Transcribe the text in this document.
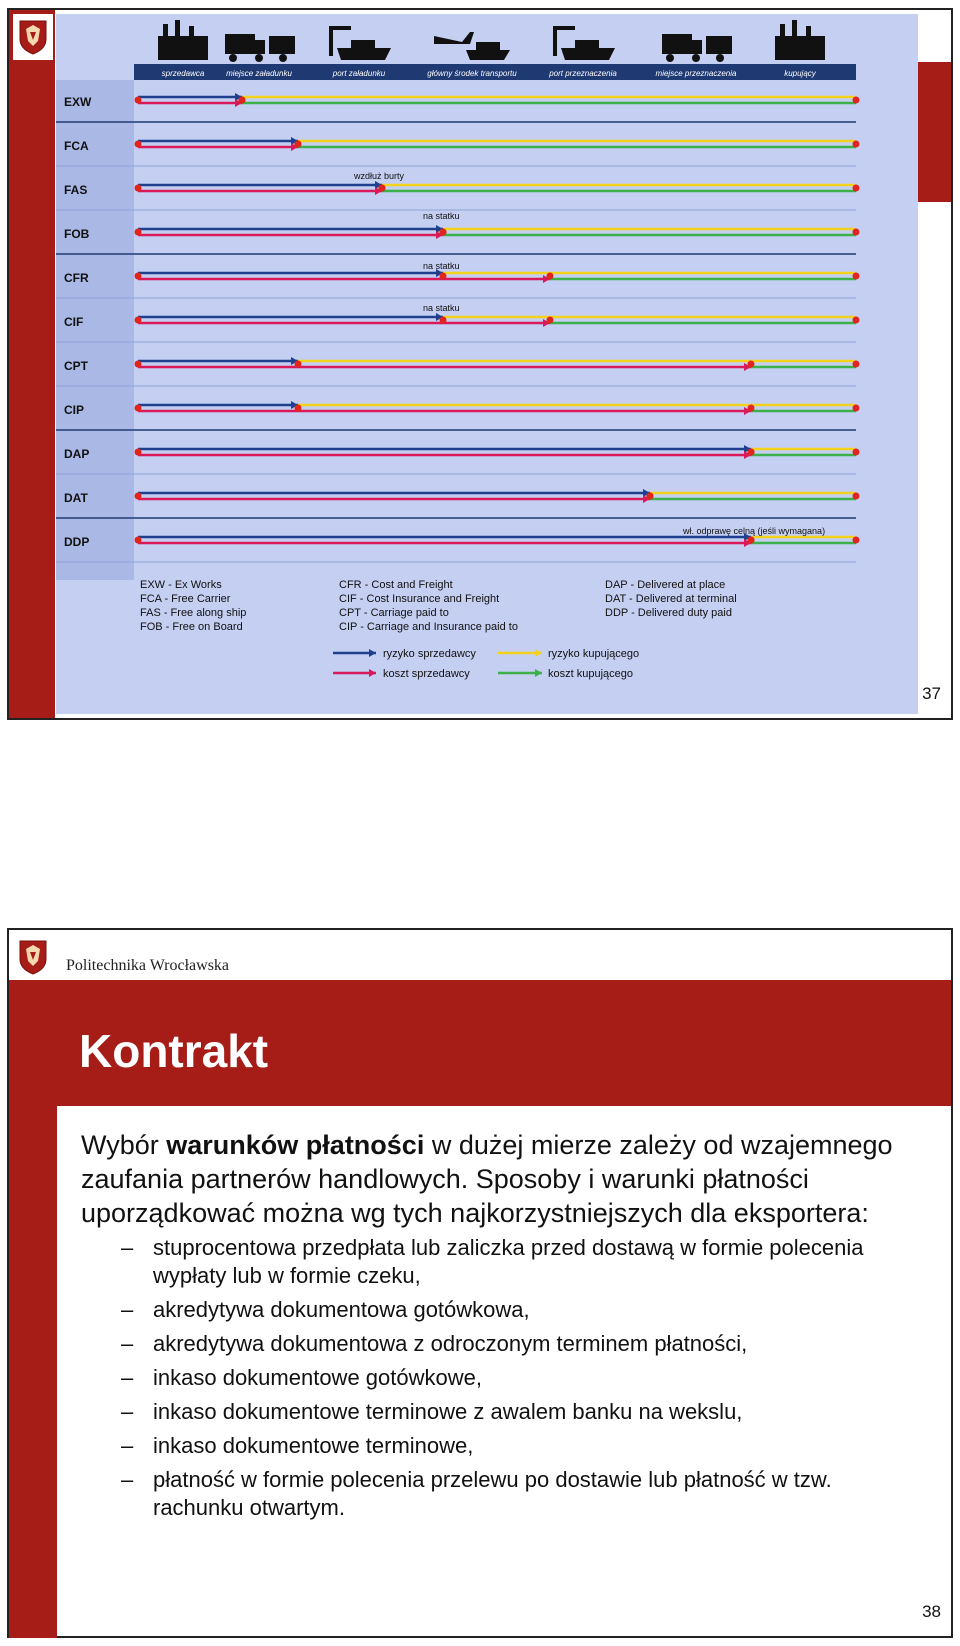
sprzedawca	miejsce załadunku	port załadunku	główny środek transportu	port przeznaczenia	miejsce przeznaczenia	kupujący
EXW
FCA
FAS
FOB
CFR
CIF
CPT
CIP
DAP
DAT
DDP
wzdłuż burty
na statku
na statku
na statku
wł. odprawę celną (jeśli wymagana)
EXW - Ex Works
FCA - Free Carrier
FAS - Free along ship
FOB - Free on Board
CFR - Cost and Freight
CIF - Cost Insurance and Freight
CPT - Carriage paid to
CIP - Carriage and Insurance paid to
DAP - Delivered at place
DAT - Delivered at terminal
DDP - Delivered duty paid
ryzyko sprzedawcy
koszt sprzedawcy
ryzyko kupującego
koszt kupującego
37
Politechnika Wrocławska
Kontrakt

Wybór warunków płatności w dużej mierze zależy od wzajemnego zaufania partnerów handlowych. Sposoby i warunki płatności uporządkować można wg tych najkorzystniejszych dla eksportera:

– stuprocentowa przedpłata lub zaliczka przed dostawą w formie polecenia wypłaty lub w formie czeku,
– akredytywa dokumentowa gotówkowa,
– akredytywa dokumentowa z odroczonym terminem płatności,
– inkaso dokumentowe gotówkowe,
– inkaso dokumentowe terminowe z awalem banku na wekslu,
– inkaso dokumentowe terminowe,
– płatność w formie polecenia przelewu po dostawie lub płatność w tzw. rachunku otwartym.
38
